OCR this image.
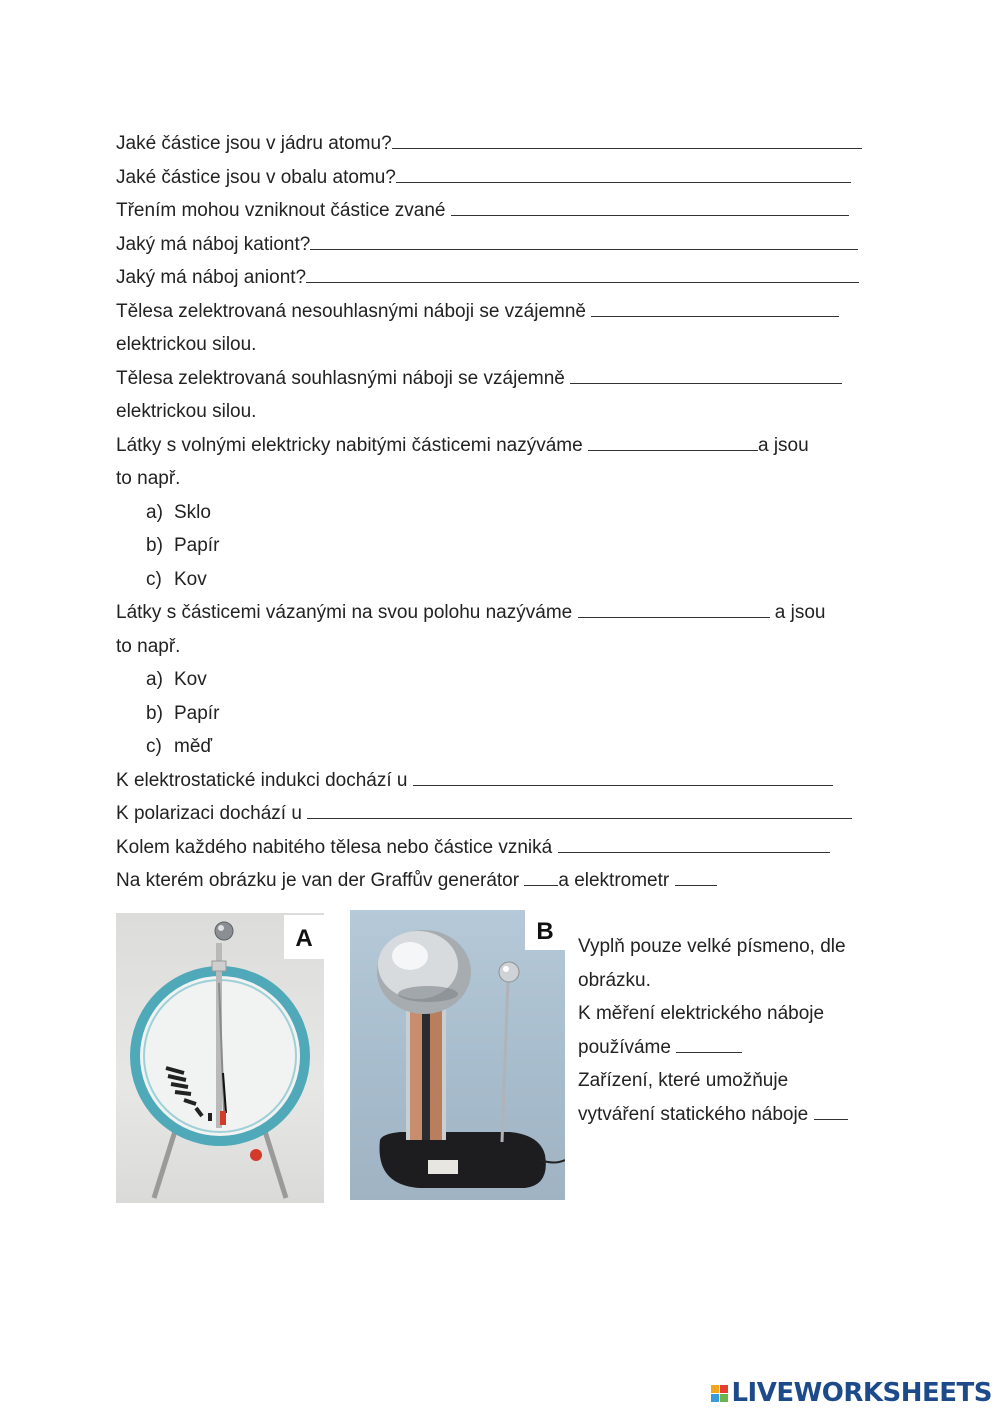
Jaké částice jsou v jádru atomu?
Jaké částice jsou v obalu atomu?
Třením mohou vzniknout částice zvané
Jaký má náboj kationt?
Jaký má náboj aniont?
Tělesa zelektrovaná nesouhlasnými náboji se vzájemně
elektrickou silou.
Tělesa zelektrovaná souhlasnými náboji se vzájemně
elektrickou silou.
Látky s volnými elektricky nabitými částicemi nazýváme	a jsou
to např.
a) Sklo
b) Papír
c) Kov
Látky s částicemi vázanými na svou polohu nazýváme	a jsou
to např.
a) Kov
b) Papír
c) měď
K elektrostatické indukci dochází u
K polarizaci dochází u
Kolem každého nabitého tělesa nebo částice vzniká
Na kterém obrázku je van der Graffův generátor a elektrometr
A	B
Vyplň pouze velké písmeno, dle
obrázku.
K měření elektrického náboje
používáme
Zařízení, které umožňuje
vytváření statického náboje
LIVEWORKSHEETS
